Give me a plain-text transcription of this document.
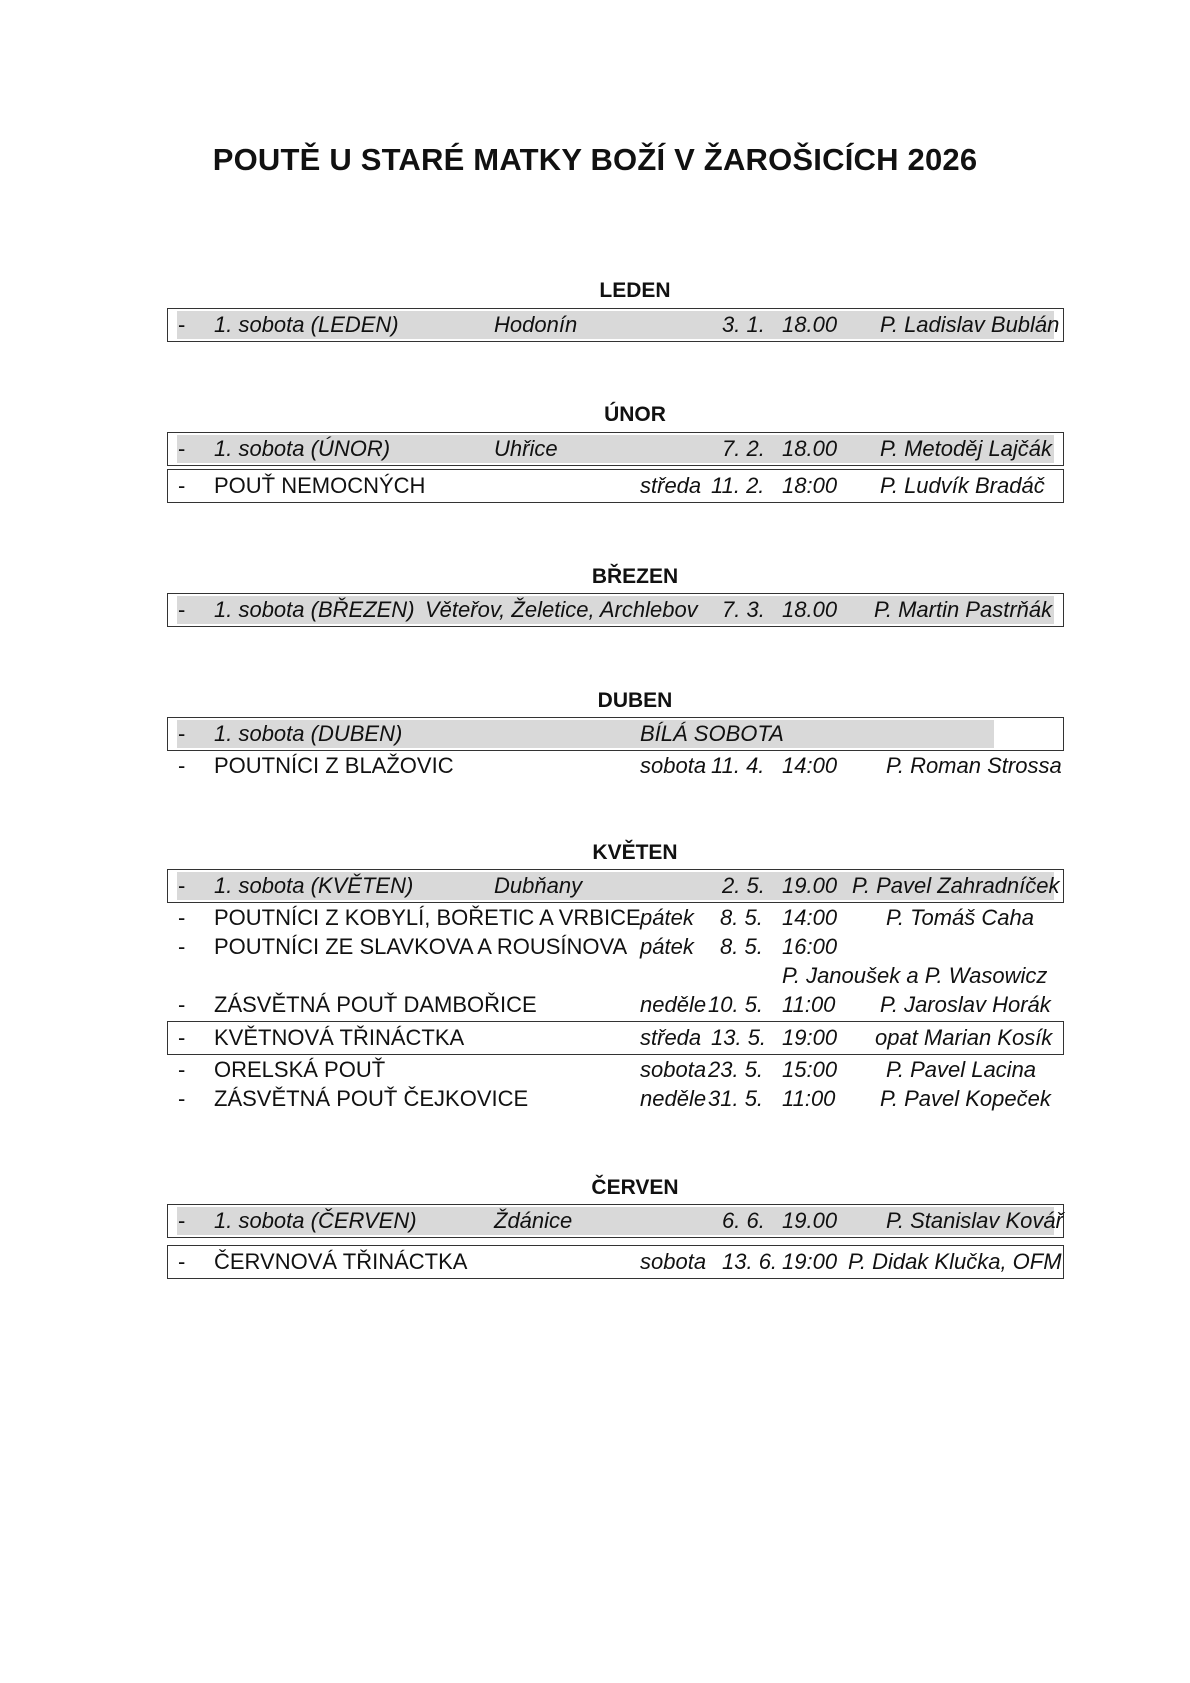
POUTĚ U STARÉ MATKY BOŽÍ V ŽAROŠICÍCH 2026
LEDEN
- 1. sobota (LEDEN)	Hodonín	3. 1. 18.00 P. Ladislav Bublán
ÚNOR
- 1. sobota (ÚNOR)	Uhřice	7. 2. 18.00 P. Metoděj Lajčák
- POUŤ NEMOCNÝCH	středa 11. 2. 18:00 P. Ludvík Bradáč
BŘEZEN
- 1. sobota (BŘEZEN) Věteřov, Želetice, Archlebov 7. 3. 18.00 P. Martin Pastrňák
DUBEN
- 1. sobota (DUBEN)	BÍLÁ SOBOTA
- POUTNÍCI Z BLAŽOVIC	sobota 11. 4. 14:00 P. Roman Strossa
KVĚTEN
- 1. sobota (KVĚTEN)	Dubňany	2. 5. 19.00 P. Pavel Zahradníček
- POUTNÍCI Z KOBYLÍ, BOŘETIC A VRBICE pátek 8. 5. 14:00 P. Tomáš Caha
- POUTNÍCI ZE SLAVKOVA A ROUSÍNOVA pátek 8. 5. 16:00
P. Janoušek a P. Wasowicz
- ZÁSVĚTNÁ POUŤ DAMBOŘICE	neděle 10. 5. 11:00 P. Jaroslav Horák
- KVĚTNOVÁ TŘINÁCTKA	středa 13. 5. 19:00 opat Marian Kosík
- ORELSKÁ POUŤ	sobota 23. 5. 15:00 P. Pavel Lacina
- ZÁSVĚTNÁ POUŤ ČEJKOVICE	neděle 31. 5. 11:00 P. Pavel Kopeček
ČERVEN
- 1. sobota (ČERVEN)	Ždánice	6. 6. 19.00 P. Stanislav Kovář
- ČERVNOVÁ TŘINÁCTKA	sobota 13. 6. 19:00 P. Didak Klučka, OFM
